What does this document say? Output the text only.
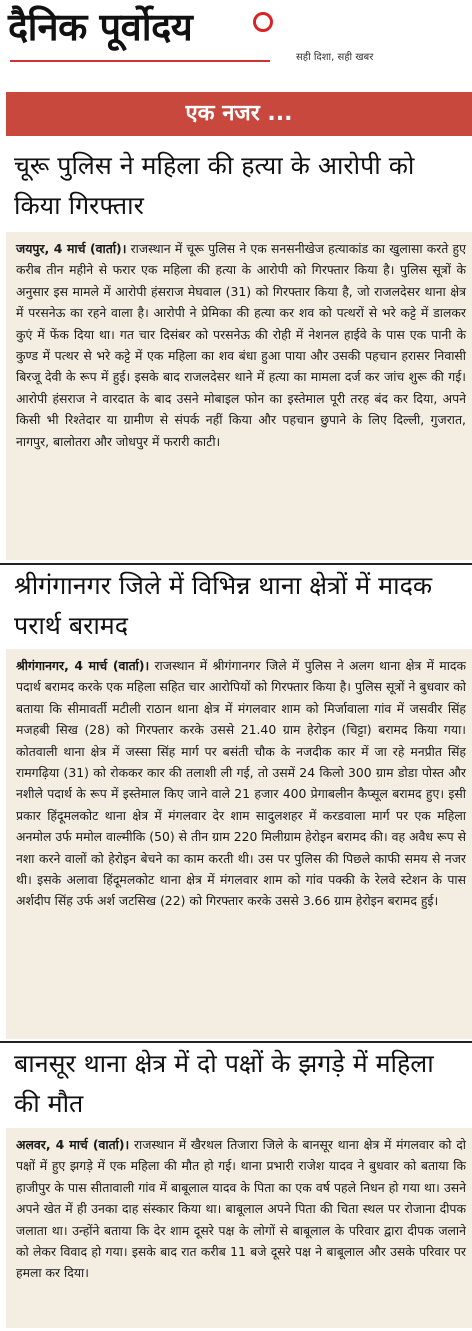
दैनिक पूर्वोदय
सही दिशा, सही खबर
एक नजर ...
चूरू पुलिस ने महिला की हत्या के आरोपी को किया गिरफ्तार
जयपुर, 4 मार्च (वार्ता)। राजस्थान में चूरू पुलिस ने एक सनसनीखेज हत्याकांड का खुलासा करते हुए करीब तीन महीने से फरार एक महिला की हत्या के आरोपी को गिरफ्तार किया है। पुलिस सूत्रों के अनुसार इस मामले में आरोपी हंसराज मेघवाल (31) को गिरफ्तार किया है, जो राजलदेसर थाना क्षेत्र में परसनेऊ का रहने वाला है। आरोपी ने प्रेमिका की हत्या कर शव को पत्थरों से भरे कट्टे में डालकर कुएं में फेंक दिया था। गत चार दिसंबर को परसनेऊ की रोही में नेशनल हाईवे के पास एक पानी के कुण्ड में पत्थर से भरे कट्टे में एक महिला का शव बंधा हुआ पाया और उसकी पहचान हरासर निवासी बिरजू देवी के रूप में हुई। इसके बाद राजलदेसर थाने में हत्या का मामला दर्ज कर जांच शुरू की गई। आरोपी हंसराज ने वारदात के बाद उसने मोबाइल फोन का इस्तेमाल पूरी तरह बंद कर दिया, अपने किसी भी रिश्तेदार या ग्रामीण से संपर्क नहीं किया और पहचान छुपाने के लिए दिल्ली, गुजरात, नागपुर, बालोतरा और जोधपुर में फरारी काटी।
श्रीगंगानगर जिले में विभिन्न थाना क्षेत्रों में मादक परार्थ बरामद
श्रीगंगानगर, 4 मार्च (वार्ता)। राजस्थान में श्रीगंगानगर जिले में पुलिस ने अलग थाना क्षेत्र में मादक पदार्थ बरामद करके एक महिला सहित चार आरोपियों को गिरफ्तार किया है। पुलिस सूत्रों ने बुधवार को बताया कि सीमावर्ती मटीली राठान थाना क्षेत्र में मंगलवार शाम को मिर्जावाला गांव में जसवीर सिंह मजहबी सिख (28) को गिरफ्तार करके उससे 21.40 ग्राम हेरोइन (चिट्टा) बरामद किया गया। कोतवाली थाना क्षेत्र में जस्सा सिंह मार्ग पर बसंती चौक के नजदीक कार में जा रहे मनप्रीत सिंह रामगढ़िया (31) को रोककर कार की तलाशी ली गई, तो उसमें 24 किलो 300 ग्राम डोडा पोस्त और नशीले पदार्थ के रूप में इस्तेमाल किए जाने वाले 21 हजार 400 प्रेगाबलीन कैप्सूल बरामद हुए। इसी प्रकार हिंदूमलकोट थाना क्षेत्र में मंगलवार देर शाम सादुलशहर में करडवाला मार्ग पर एक महिला अनमोल उर्फ ममोल वाल्मीकि (50) से तीन ग्राम 220 मिलीग्राम हेरोइन बरामद की। वह अवैध रूप से नशा करने वालों को हेरोइन बेचने का काम करती थी। उस पर पुलिस की पिछले काफी समय से नजर थी। इसके अलावा हिंदूमलकोट थाना क्षेत्र में मंगलवार शाम को गांव पक्की के रेलवे स्टेशन के पास अर्शदीप सिंह उर्फ अर्श जटसिख (22) को गिरफ्तार करके उससे 3.66 ग्राम हेरोइन बरामद हुई।
बानसूर थाना क्षेत्र में दो पक्षों के झगड़े में महिला की मौत
अलवर, 4 मार्च (वार्ता)। राजस्थान में खैरथल तिजारा जिले के बानसूर थाना क्षेत्र में मंगलवार को दो पक्षों में हुए झगड़े में एक महिला की मौत हो गई। थाना प्रभारी राजेश यादव ने बुधवार को बताया कि हाजीपुर के पास सीतावाली गांव में बाबूलाल यादव के पिता का एक वर्ष पहले निधन हो गया था। उसने अपने खेत में ही उनका दाह संस्कार किया था। बाबूलाल अपने पिता की चिता स्थल पर रोजाना दीपक जलाता था। उन्होंने बताया कि देर शाम दूसरे पक्ष के लोगों से बाबूलाल के परिवार द्वारा दीपक जलाने को लेकर विवाद हो गया। इसके बाद रात करीब 11 बजे दूसरे पक्ष ने बाबूलाल और उसके परिवार पर हमला कर दिया।
